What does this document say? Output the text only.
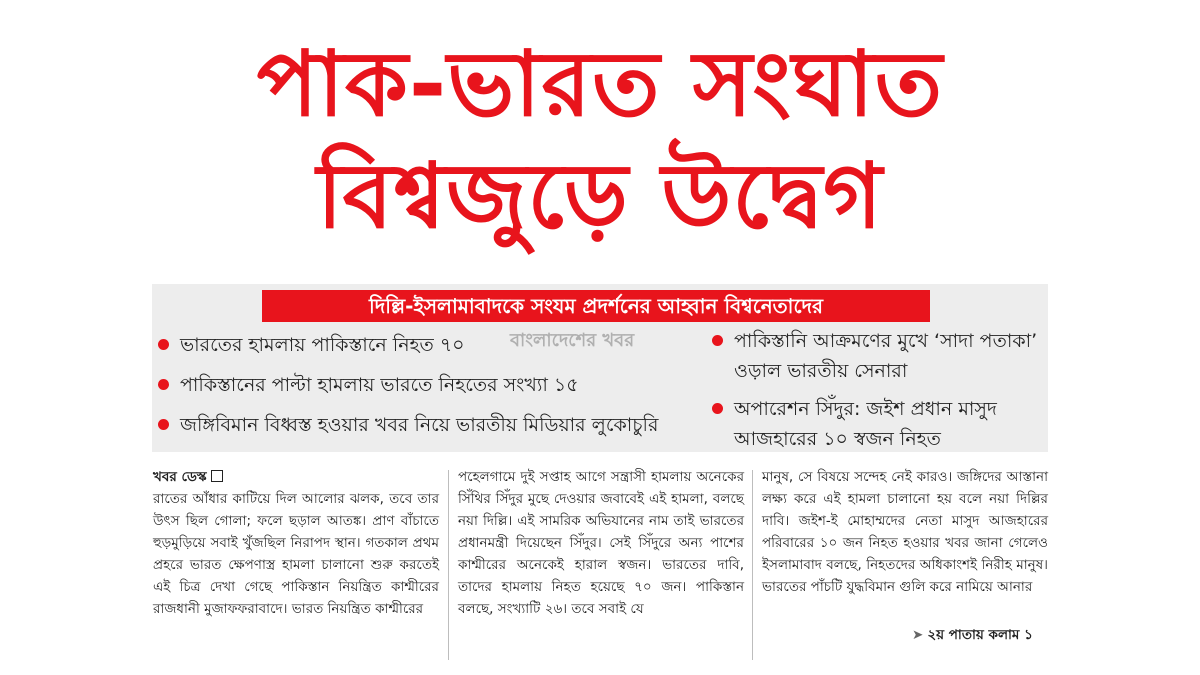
পাক-ভারত সংঘাত
বিশ্বজুড়ে উদ্বেগ
দিল্লি-ইসলামাবাদকে সংযম প্রদর্শনের আহ্বান বিশ্বনেতাদের
বাংলাদেশের খবর
ভারতের হামলায় পাকিস্তানে নিহত ৭০
পাকিস্তানের পাল্টা হামলায় ভারতে নিহতের সংখ্যা ১৫
জঙ্গিবিমান বিধ্বস্ত হওয়ার খবর নিয়ে ভারতীয় মিডিয়ার লুকোচুরি
পাকিস্তানি আক্রমণের মুখে ‘সাদা পতাকা’ ওড়াল ভারতীয় সেনারা
অপারেশন সিঁদুর: জইশ প্রধান মাসুদ আজহারের ১০ স্বজন নিহত
খবর ডেস্ক
রাতের আঁধার কাটিয়ে দিল আলোর ঝলক, তবে তার উৎস ছিল গোলা; ফলে ছড়াল আতঙ্ক। প্রাণ বাঁচাতে হুড়মুড়িয়ে সবাই খুঁজছিল নিরাপদ স্থান। গতকাল প্রথম প্রহরে ভারত ক্ষেপণাস্ত্র হামলা চালানো শুরু করতেই এই চিত্র দেখা গেছে পাকিস্তান নিয়ন্ত্রিত কাশ্মীরের রাজধানী মুজাফফরাবাদে। ভারত নিয়ন্ত্রিত কাশ্মীরের
পহেলগামে দুই সপ্তাহ আগে সন্ত্রাসী হামলায় অনেকের সিঁথির সিঁদুর মুছে দেওয়ার জবাবেই এই হামলা, বলছে নয়া দিল্লি। এই সামরিক অভিযানের নাম তাই ভারতের প্রধানমন্ত্রী দিয়েছেন সিঁদুর। সেই সিঁদুরে অন্য পাশের কাশ্মীরের অনেকেই হারাল স্বজন। ভারতের দাবি, তাদের হামলায় নিহত হয়েছে ৭০ জন। পাকিস্তান বলছে, সংখ্যাটি ২৬। তবে সবাই যে
মানুষ, সে বিষয়ে সন্দেহ নেই কারও। জঙ্গিদের আস্তানা লক্ষ্য করে এই হামলা চালানো হয় বলে নয়া দিল্লির দাবি। জইশ-ই মোহাম্মদের নেতা মাসুদ আজহারের পরিবারের ১০ জন নিহত হওয়ার খবর জানা গেলেও ইসলামাবাদ বলছে, নিহতদের অধিকাংশই নিরীহ মানুষ। ভারতের পাঁচটি যুদ্ধবিমান গুলি করে নামিয়ে আনার
➤ ২য় পাতায় কলাম ১
